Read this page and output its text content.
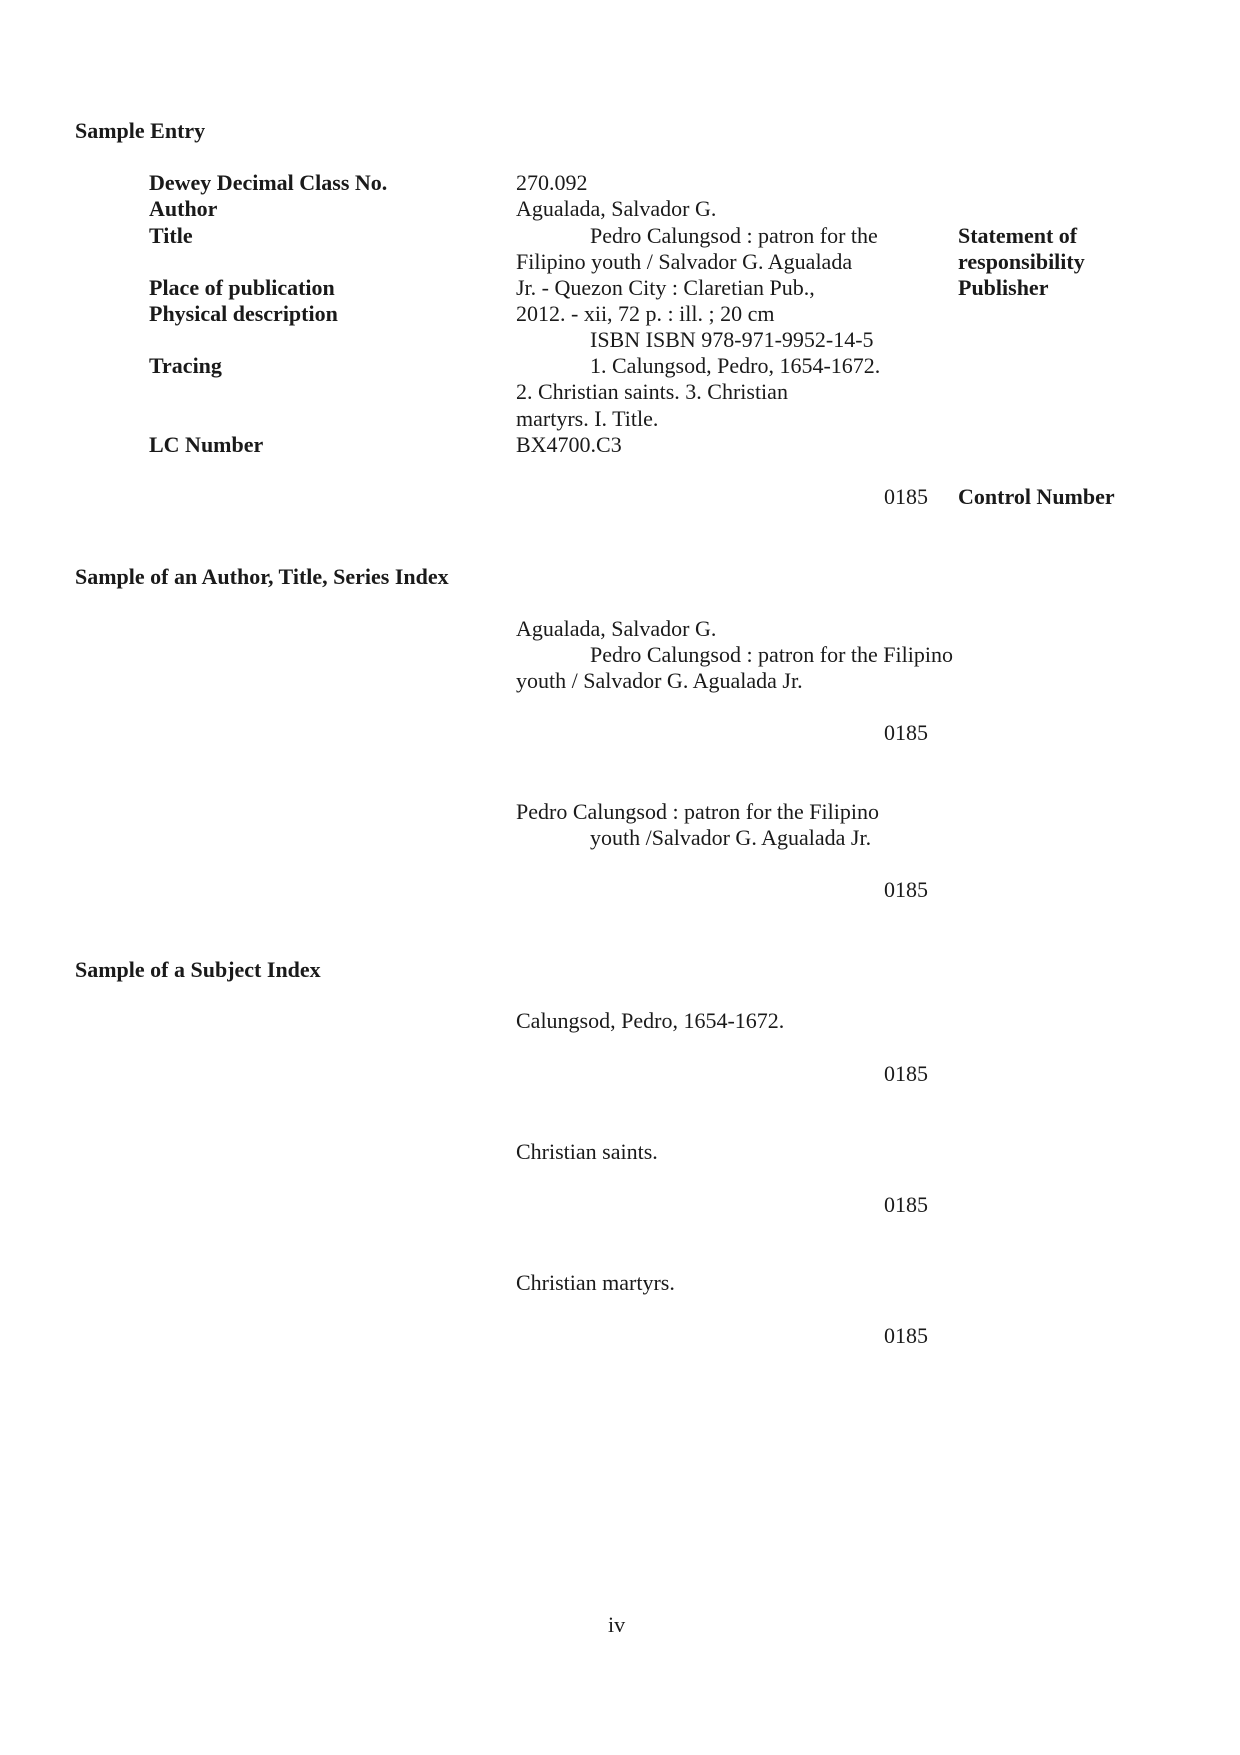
Sample Entry
Dewey Decimal Class No.
Author
Title
Place of publication
Physical description
Tracing
LC Number
270.092
Agualada, Salvador G.
Pedro Calungsod : patron for the
Filipino youth / Salvador G. Agualada
Jr. - Quezon City : Claretian Pub.,
2012. - xii, 72 p. : ill. ; 20 cm
ISBN ISBN 978-971-9952-14-5
1. Calungsod, Pedro, 1654-1672.
2. Christian saints. 3. Christian
martyrs. I. Title.
BX4700.C3
Statement of
responsibility
Publisher
0185 Control Number
Sample of an Author, Title, Series Index
Agualada, Salvador G.
Pedro Calungsod : patron for the Filipino
youth / Salvador G. Agualada Jr.
0185
Pedro Calungsod : patron for the Filipino
youth /Salvador G. Agualada Jr.
0185
Sample of a Subject Index
Calungsod, Pedro, 1654-1672.
0185
Christian saints.
0185
Christian martyrs.
0185
iv
